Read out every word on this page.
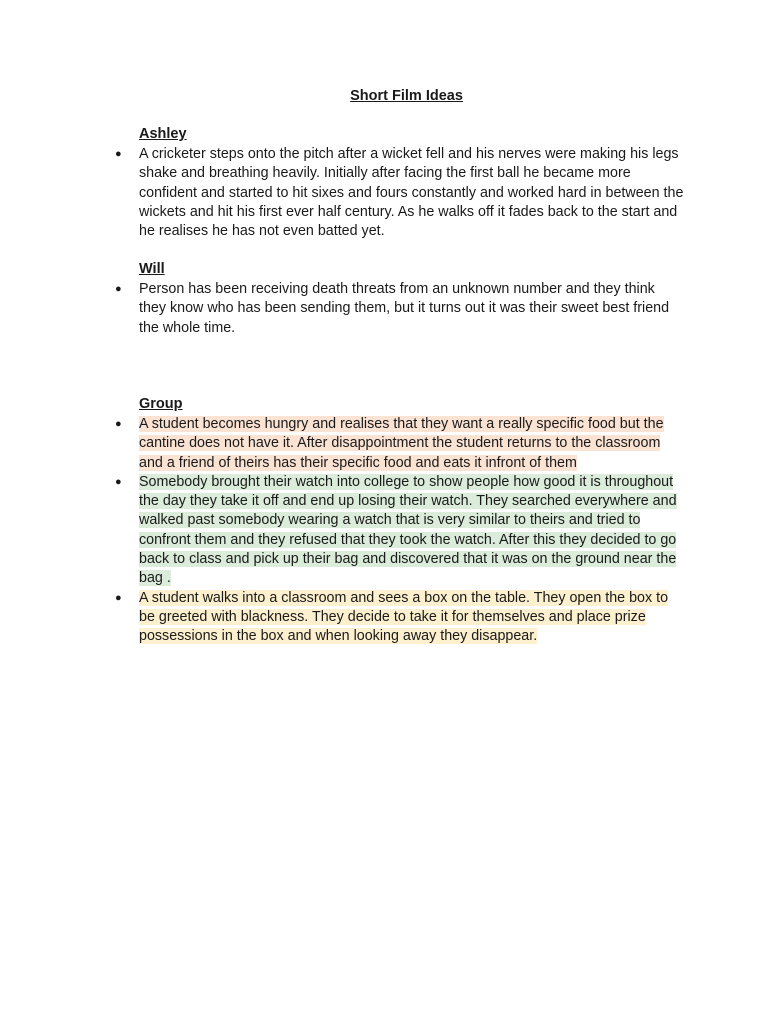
Short Film Ideas
Ashley
● A cricketer steps onto the pitch after a wicket fell and his nerves were making his legs shake and breathing heavily. Initially after facing the first ball he became more confident and started to hit sixes and fours constantly and worked hard in between the wickets and hit his first ever half century. As he walks off it fades back to the start and he realises he has not even batted yet.
Will
● Person has been receiving death threats from an unknown number and they think they know who has been sending them, but it turns out it was their sweet best friend the whole time.
Group
● A student becomes hungry and realises that they want a really specific food but the cantine does not have it. After disappointment the student returns to the classroom and a friend of theirs has their specific food and eats it infront of them
● Somebody brought their watch into college to show people how good it is throughout the day they take it off and end up losing their watch. They searched everywhere and walked past somebody wearing a watch that is very similar to theirs and tried to confront them and they refused that they took the watch. After this they decided to go back to class and pick up their bag and discovered that it was on the ground near the bag .
● A student walks into a classroom and sees a box on the table. They open the box to be greeted with blackness. They decide to take it for themselves and place prize possessions in the box and when looking away they disappear.
